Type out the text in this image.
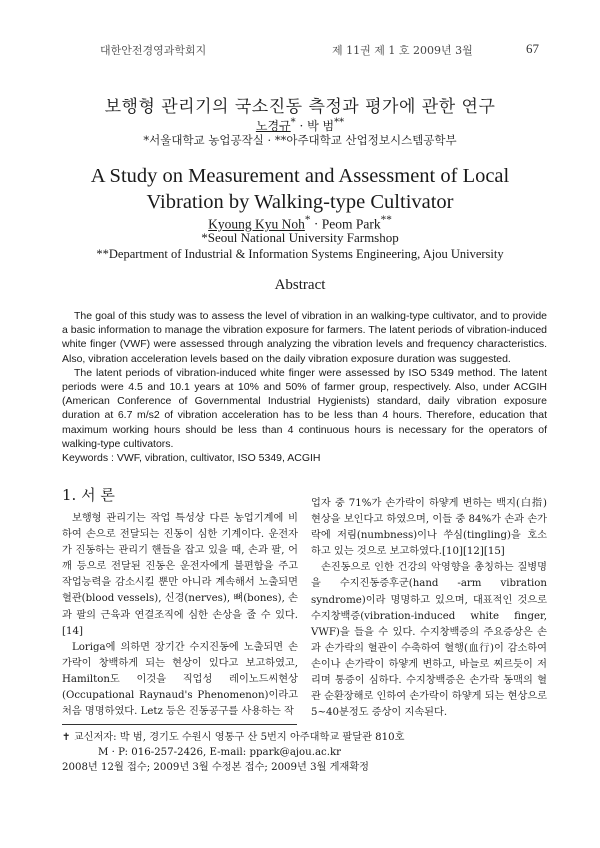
대한안전경영과학회지	제 11권 제 1 호 2009년 3월	67
보행형 관리기의 국소진동 측정과 평가에 관한 연구
노경규* · 박 범**
*서울대학교 농업공작실 · **아주대학교 산업정보시스템공학부
A Study on Measurement and Assessment of Local
Vibration by Walking-type Cultivator
Kyoung Kyu Noh* · Peom Park**
*Seoul National University Farmshop
**Department of Industrial & Information Systems Engineering, Ajou University
Abstract

The goal of this study was to assess the level of vibration in an walking-type cultivator, and to provide a basic information to manage the vibration exposure for farmers. The latent periods of vibration-induced white finger (VWF) were assessed through analyzing the vibration levels and frequency characteristics. Also, vibration acceleration levels based on the daily vibration exposure duration was suggested.

The latent periods of vibration-induced white finger were assessed by ISO 5349 method. The latent periods were 4.5 and 10.1 years at 10% and 50% of farmer group, respectively. Also, under ACGIH (American Conference of Governmental Industrial Hygienists) standard, daily vibration exposure duration at 6.7 m/s2 of vibration acceleration has to be less than 4 hours. Therefore, education that maximum working hours should be less than 4 continuous hours is necessary for the operators of walking-type cultivators.

Keywords : VWF, vibration, cultivator, ISO 5349, ACGIH

1. 서 론

보행형 관리기는 작업 특성상 다른 농업기계에 비하여 손으로 전달되는 진동이 심한 기계이다. 운전자가 진동하는 관리기 핸들을 잡고 있을 때, 손과 팔, 어깨 등으로 전달된 진동은 운전자에게 불편함을 주고 작업능력을 감소시킬 뿐만 아니라 계속해서 노출되면 혈관(blood vessels), 신경(nerves), 뼈(bones), 손과 팔의 근육과 연결조직에 심한 손상을 줄 수 있다.[14]

Loriga에 의하면 장기간 수지진동에 노출되면 손가락이 창백하게 되는 현상이 있다고 보고하였고, Hamilton도 이것을 직업성 레이노드씨현상(Occupational Raynaud's Phenomenon)이라고 처음 명명하였다. Letz 등은 진동공구를 사용하는 작

업자 중 71%가 손가락이 하얗게 변하는 백지(白指)현상을 보인다고 하였으며, 이들 중 84%가 손과 손가락에 저림(numbness)이나 쑤심(tingling)을 호소하고 있는 것으로 보고하였다.[10][12][15]

손진동으로 인한 건강의 악영향을 총칭하는 질병명을 수지진동증후군(hand -arm vibration syndrome)이라 명명하고 있으며, 대표적인 것으로 수지창백증(vibration-induced white finger, VWF)을 들을 수 있다. 수지창백증의 주요증상은 손과 손가락의 혈관이 수축하여 혈행(血行)이 감소하여 손이나 손가락이 하얗게 변하고, 바늘로 찌르듯이 저리며 통증이 심하다. 수지창백증은 손가락 동맥의 혈관 순환장해로 인하여 손가락이 하얗게 되는 현상으로 5~40분정도 증상이 지속된다.

✝ 교신저자: 박 범, 경기도 수원시 영통구 산 5번지 아주대학교 팔달관 810호
M · P: 016-257-2426, E-mail: ppark@ajou.ac.kr
2008년 12월 접수; 2009년 3월 수정본 접수; 2009년 3월 게재확정
